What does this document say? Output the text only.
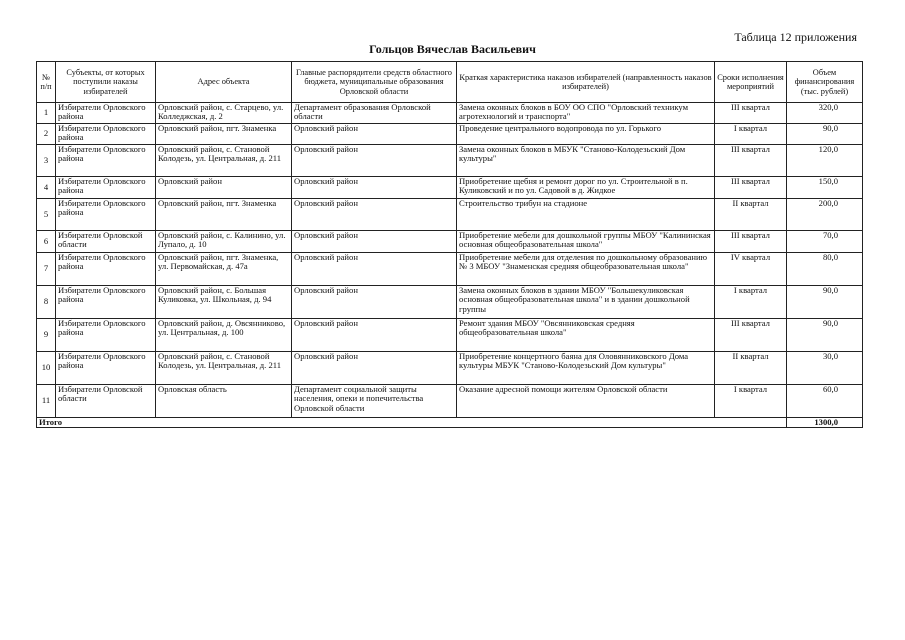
Таблица 12 приложения
Гольцов Вячеслав Васильевич
№ п/п	Субъекты, от которых поступили наказы избирателей	Адрес объекта	Главные распорядители средств областного бюджета, муниципальные образования Орловской области	Краткая характеристика наказов избирателей (направленность наказов избирателей)	Сроки исполнения мероприятий	Объем финансирования (тыс. рублей)
1	Избиратели Орловского района	Орловский район, с. Старцево, ул. Колледжская, д. 2	Департамент образования Орловской области	Замена оконных блоков в БОУ ОО СПО "Орловский техникум агротехнологий и транспорта"	III квартал	320,0
2	Избиратели Орловского района	Орловский район, пгт. Знаменка	Орловский район	Проведение центрального водопровода по ул. Горького	I квартал	90,0
3	Избиратели Орловского района	Орловский район, с. Становой Колодезь, ул. Центральная, д. 211	Орловский район	Замена оконных блоков в МБУК "Станово-Колодезьский Дом культуры"	III квартал	120,0
4	Избиратели Орловского района	Орловский район	Орловский район	Приобретение щебня и ремонт дорог по ул. Строительной в п. Куликовский и по ул. Садовой в д. Жидкое	III квартал	150,0
5	Избиратели Орловского района	Орловский район, пгт. Знаменка	Орловский район	Строительство трибун на стадионе	II квартал	200,0
6	Избиратели Орловской области	Орловский район, с. Калинино, ул. Лупало, д. 10	Орловский район	Приобретение мебели для дошкольной группы МБОУ "Калининская основная общеобразовательная школа"	III квартал	70,0
7	Избиратели Орловского района	Орловский район, пгт. Знаменка, ул. Первомайская, д. 47а	Орловский район	Приобретение мебели для отделения по дошкольному образованию № 3 МБОУ "Знаменская средняя общеобразовательная школа"	IV квартал	80,0
8	Избиратели Орловского района	Орловский район, с. Большая Куликовка, ул. Школьная, д. 94	Орловский район	Замена оконных блоков в здании МБОУ "Большекуликовская основная общеобразовательная школа" и в здании дошкольной группы	I квартал	90,0
9	Избиратели Орловского района	Орловский район, д. Овсянниково, ул. Центральная, д. 100	Орловский район	Ремонт здания МБОУ "Овсянниковская средняя общеобразовательная школа"	III квартал	90,0
10	Избиратели Орловского района	Орловский район, с. Становой Колодезь, ул. Центральная, д. 211	Орловский район	Приобретение концертного баяна для Оловянниковского Дома культуры МБУК "Станово-Колодезьский Дом культуры"	II квартал	30,0
11	Избиратели Орловской области	Орловская область	Департамент социальной защиты населения, опеки и попечительства Орловской области	Оказание адресной помощи жителям Орловской области	I квартал	60,0
Итого						1300,0
